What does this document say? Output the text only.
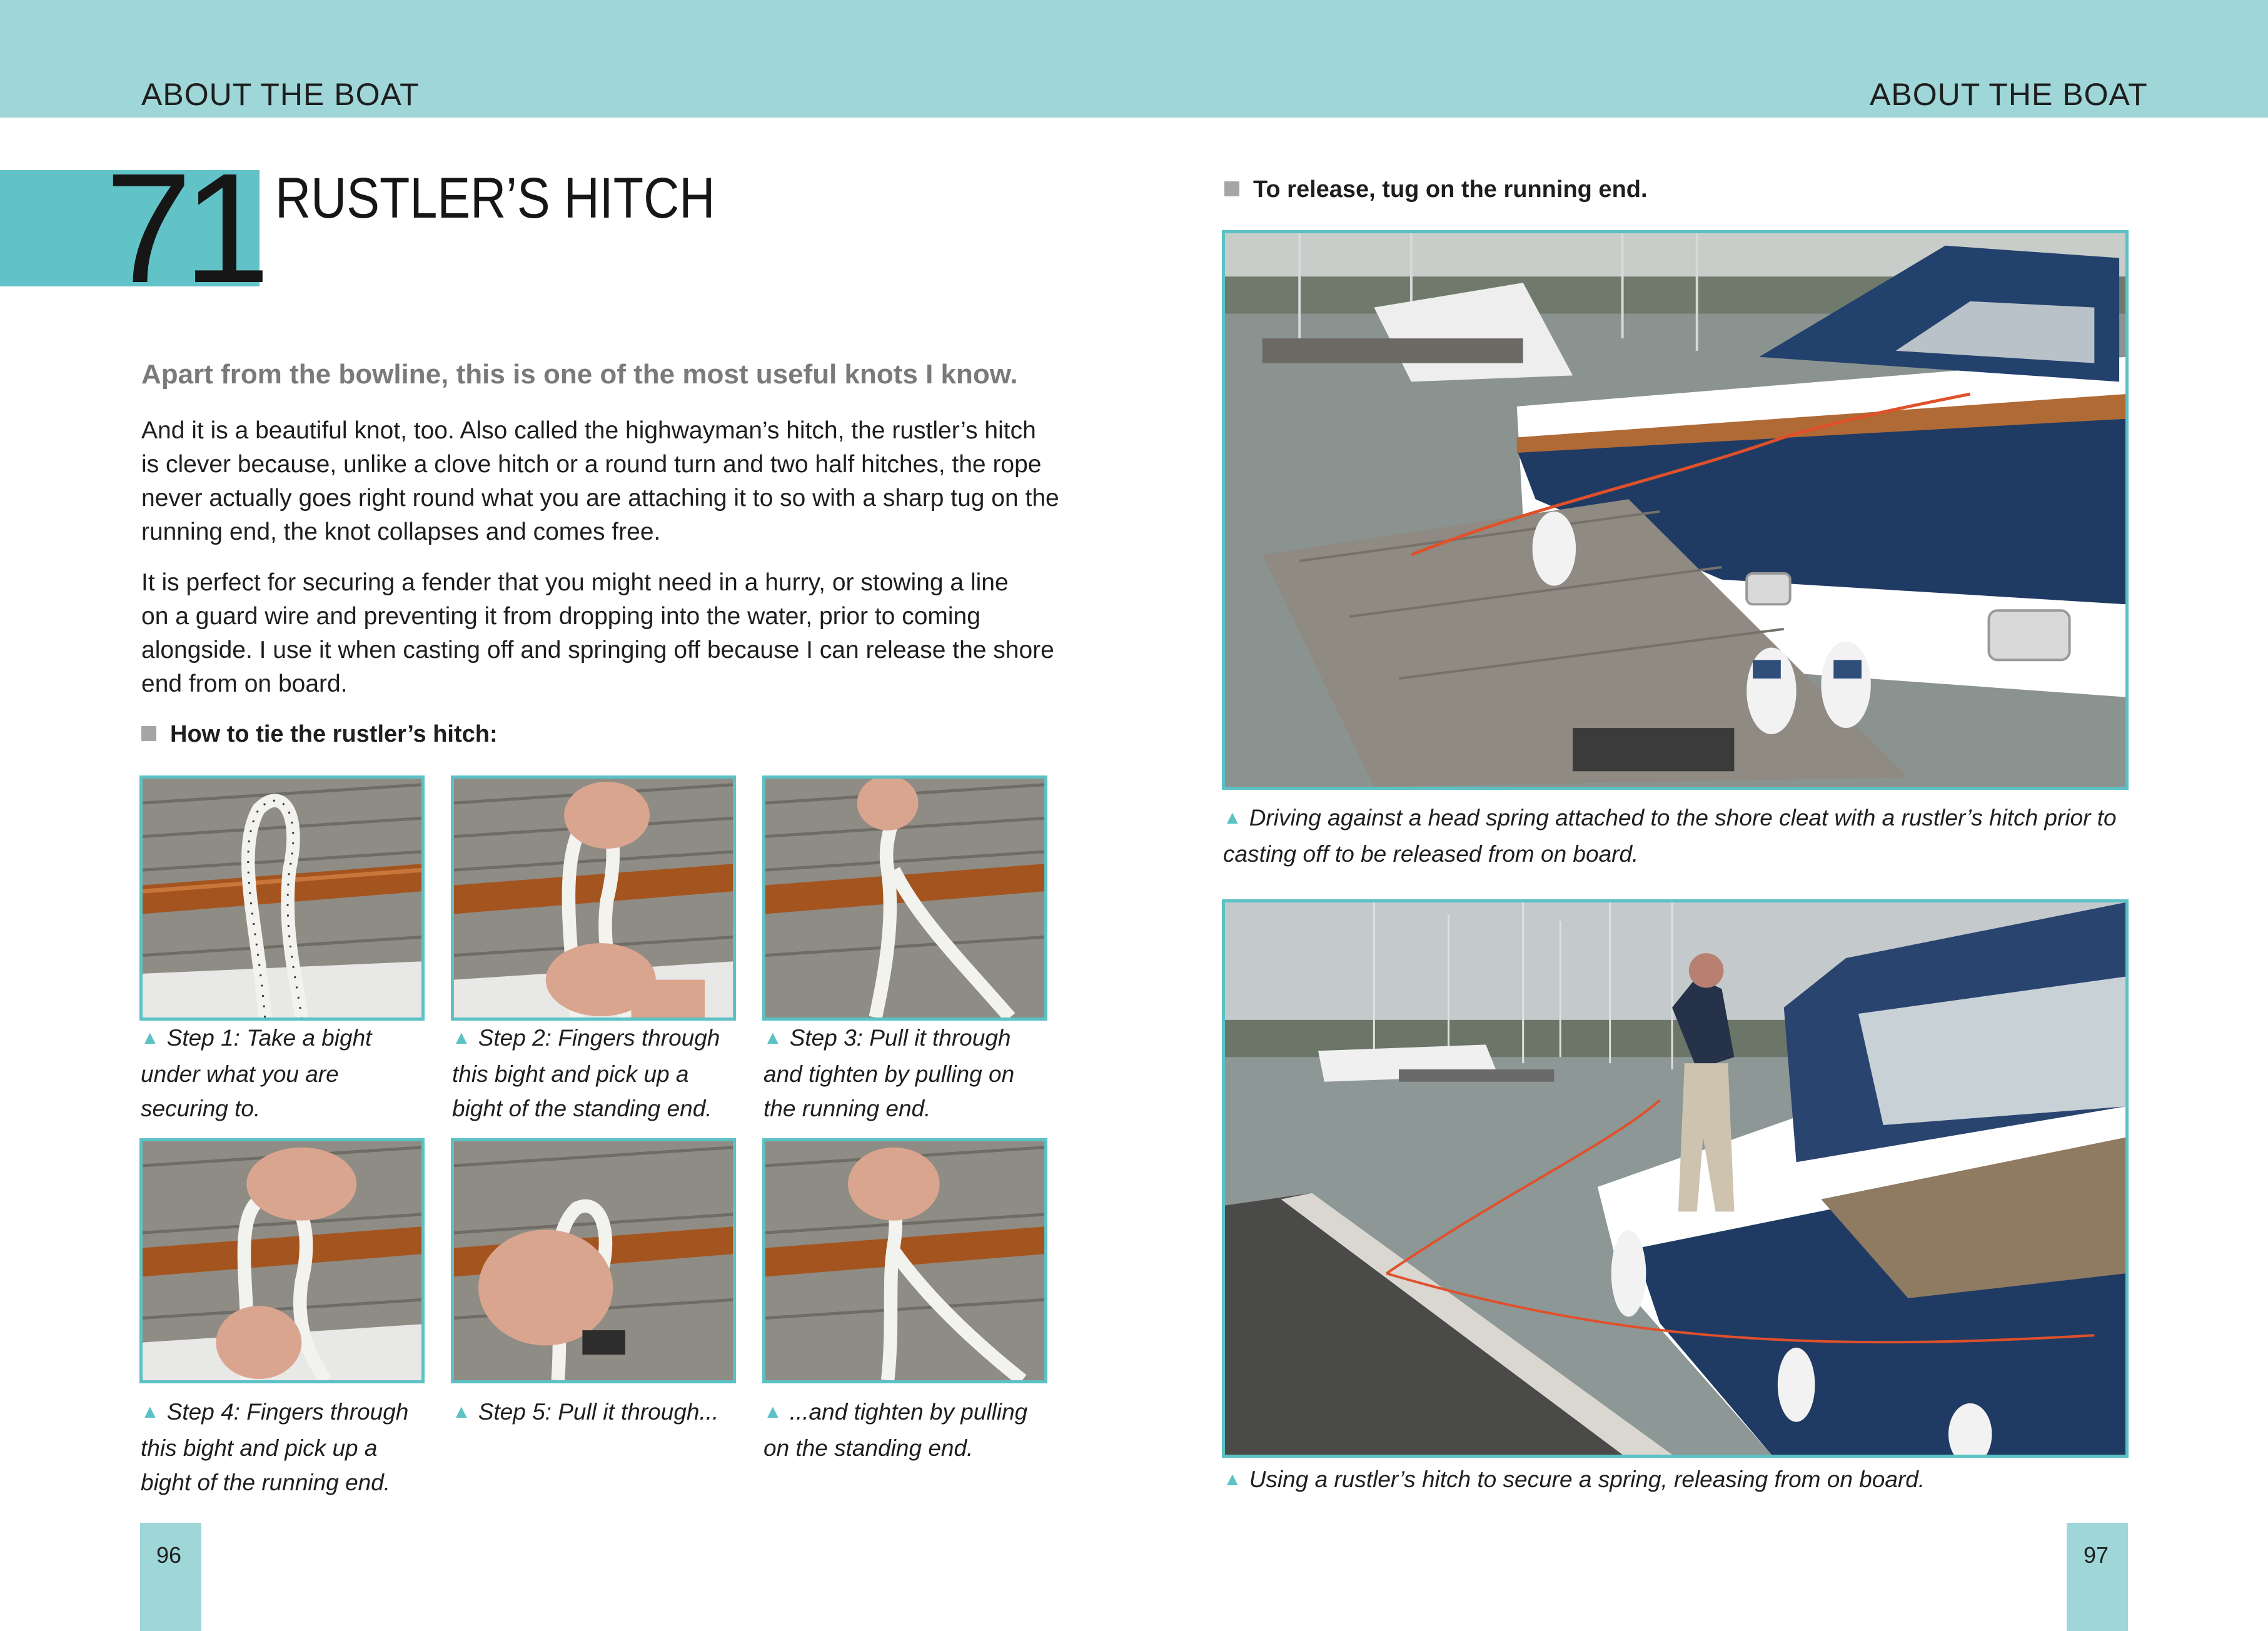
ABOUT THE BOAT	ABOUT THE BOAT
71 RUSTLER’S HITCH
Apart from the bowline, this is one of the most useful knots I know.
And it is a beautiful knot, too. Also called the highwayman’s hitch, the rustler’s hitch
is clever because, unlike a clove hitch or a round turn and two half hitches, the rope
never actually goes right round what you are attaching it to so with a sharp tug on the
running end, the knot collapses and comes free.
It is perfect for securing a fender that you might need in a hurry, or stowing a line
on a guard wire and preventing it from dropping into the water, prior to coming
alongside. I use it when casting off and springing off because I can release the shore
end from on board.
How to tie the rustler’s hitch:
▲ Step 1: Take a bight
under what you are
securing to.
▲ Step 2: Fingers through
this bight and pick up a
bight of the standing end.
▲ Step 3: Pull it through
and tighten by pulling on
the running end.
▲ Step 4: Fingers through
this bight and pick up a
bight of the running end.
▲ Step 5: Pull it through...	▲ ...and tighten by pulling
on the standing end.
To release, tug on the running end.
▲ Driving against a head spring attached to the shore cleat with a rustler’s hitch prior to
casting off to be released from on board.
▲ Using a rustler’s hitch to secure a spring, releasing from on board.
96	97
